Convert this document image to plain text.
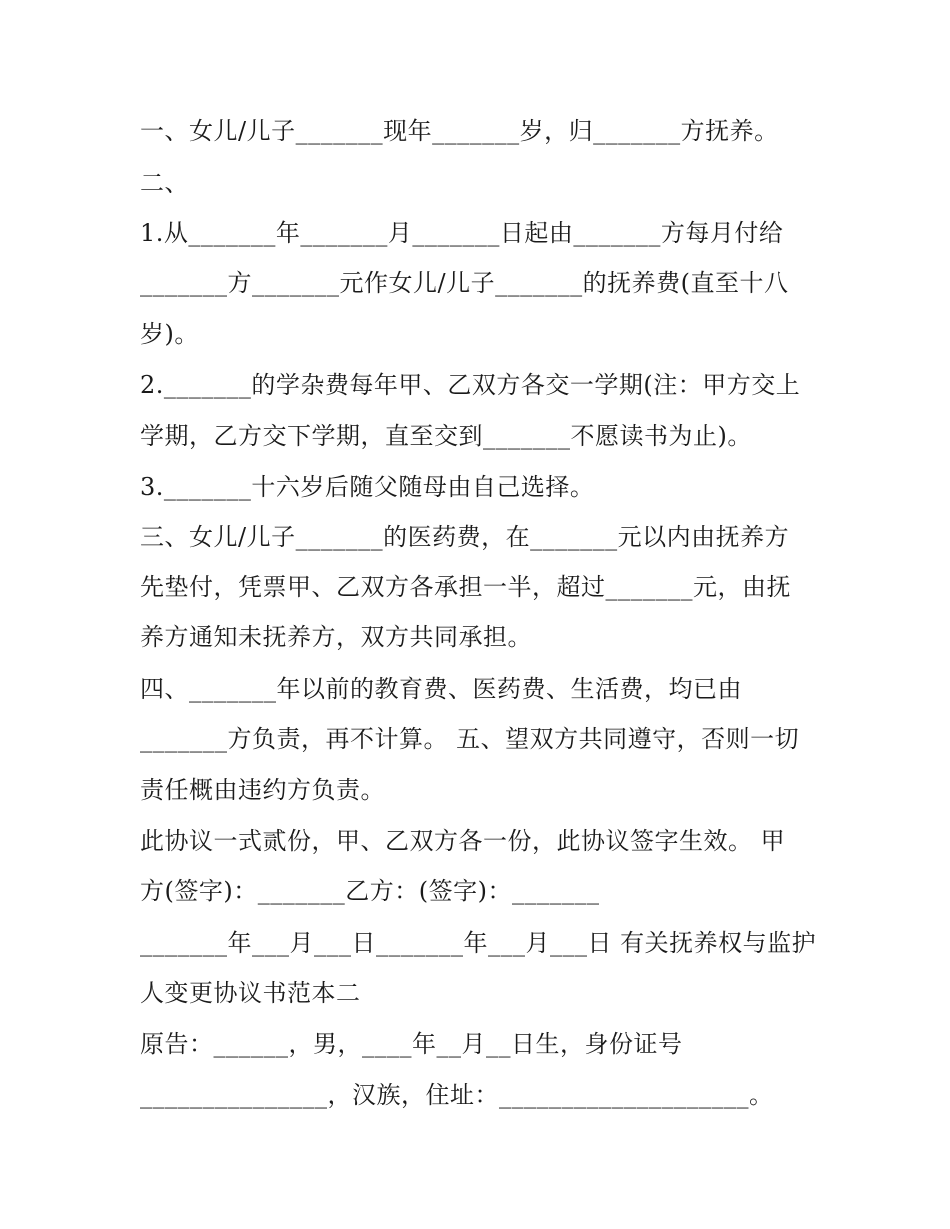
一、女儿/儿子_______现年_______岁，归_______方抚养。
二、
1.从_______年_______月_______日起由_______方每月付给
_______方_______元作女儿/儿子_______的抚养费(直至十八
岁)。
2._______的学杂费每年甲、乙双方各交一学期(注：甲方交上
学期，乙方交下学期，直至交到_______不愿读书为止)。
3._______十六岁后随父随母由自己选择。
三、女儿/儿子_______的医药费，在_______元以内由抚养方
先垫付，凭票甲、乙双方各承担一半，超过_______元，由抚
养方通知未抚养方，双方共同承担。
四、_______年以前的教育费、医药费、生活费，均已由
_______方负责，再不计算。 五、望双方共同遵守，否则一切
责任概由违约方负责。
此协议一式贰份，甲、乙双方各一份，此协议签字生效。 甲
方(签字)：_______乙方：(签字)：_______
_______年___月___日_______年___月___日 有关抚养权与监护
人变更协议书范本二
原告：______，男，____年__月__日生，身份证号
_______________，汉族，住址：____________________。
